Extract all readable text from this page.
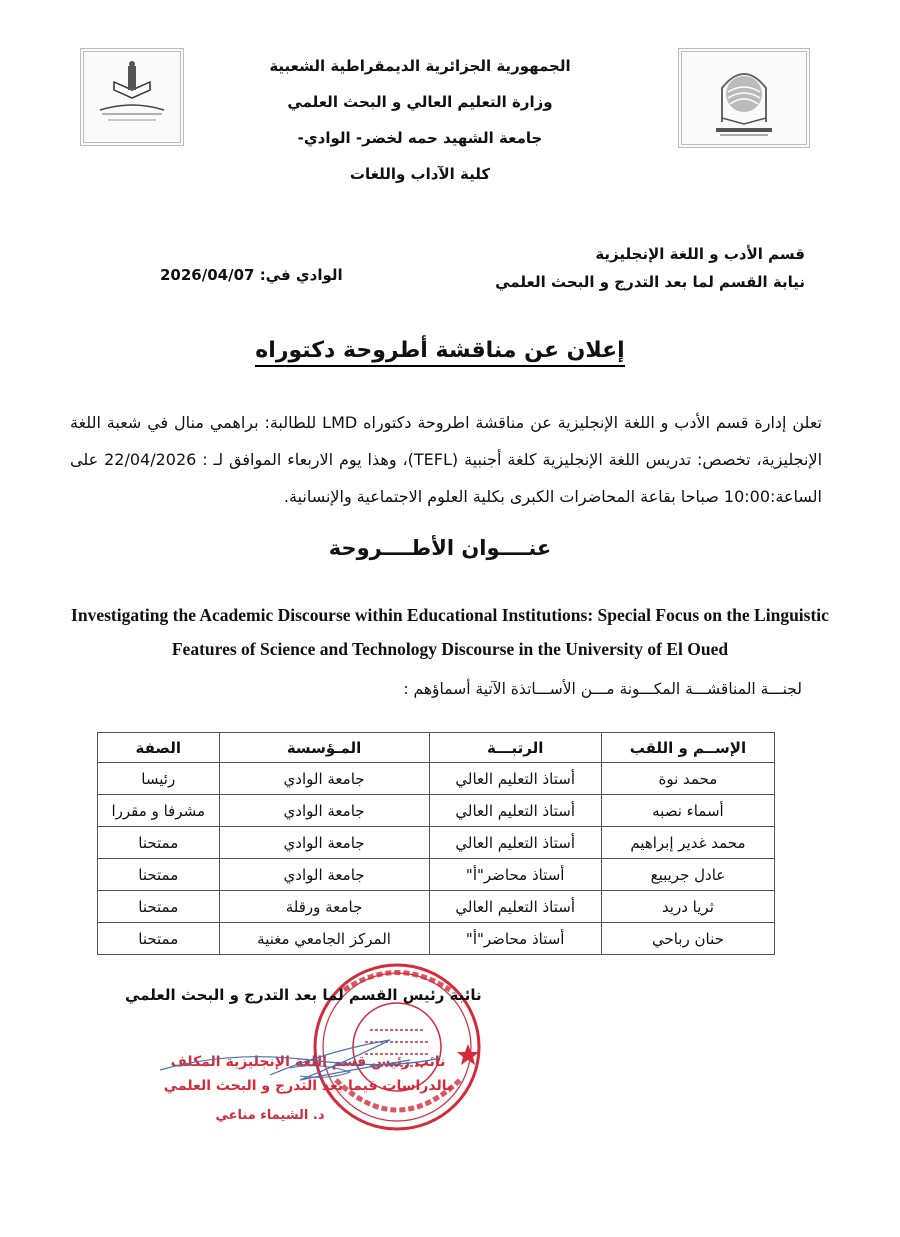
الجمهورية الجزائرية الديمقراطية الشعبية
وزارة التعليم العالي و البحث العلمي
جامعة الشهيد حمه لخضر- الوادي-
كلية الآداب واللغات
قسم الأدب و اللغة الإنجليزية
نيابة القسم لما بعد التدرج و البحث العلمي
الوادي في: 2026/04/07
إعلان عن مناقشة أطروحة دكتوراه
تعلن إدارة قسم الأدب و اللغة الإنجليزية عن مناقشة اطروحة دكتوراه LMD للطالبة: براهمي منال في شعبة اللغة الإنجليزية، تخصص: تدريس اللغة الإنجليزية كلغة أجنبية (TEFL)، وهذا يوم الاربعاء الموافق لـ : 22/04/2026 على الساعة:10:00 صباحا بقاعة المحاضرات الكبرى بكلية العلوم الاجتماعية والإنسانية.
عنــــوان الأطــــروحة
Investigating the Academic Discourse within Educational Institutions: Special Focus on the Linguistic Features of Science and Technology Discourse in the University of El Oued
لجنـــة المناقشـــة المكـــونة مـــن الأســـاتذة الآتية أسماؤهم :
الإســم و اللقب	الرتبـــة	المـؤسسة	الصفة
محمد نوة	أستاذ التعليم العالي	جامعة الوادي	رئيسا
أسماء نصبه	أستاذ التعليم العالي	جامعة الوادي	مشرفا و مقررا
محمد غدير إبراهيم	أستاذ التعليم العالي	جامعة الوادي	ممتحنا
عادل جريبيع	أستاذ محاضر"أ"	جامعة الوادي	ممتحنا
ثريا دريد	أستاذ التعليم العالي	جامعة ورقلة	ممتحنا
حنان رباحي	أستاذ محاضر"أ"	المركز الجامعي مغنية	ممتحنا
نائبة رئيس القسم لما بعد التدرج و البحث العلمي
نائب رئيس قسم اللغة الإنجليزية المكلف
بالدراسات فيما بعد التدرج و البحث العلمي
د. الشيماء مناعي
